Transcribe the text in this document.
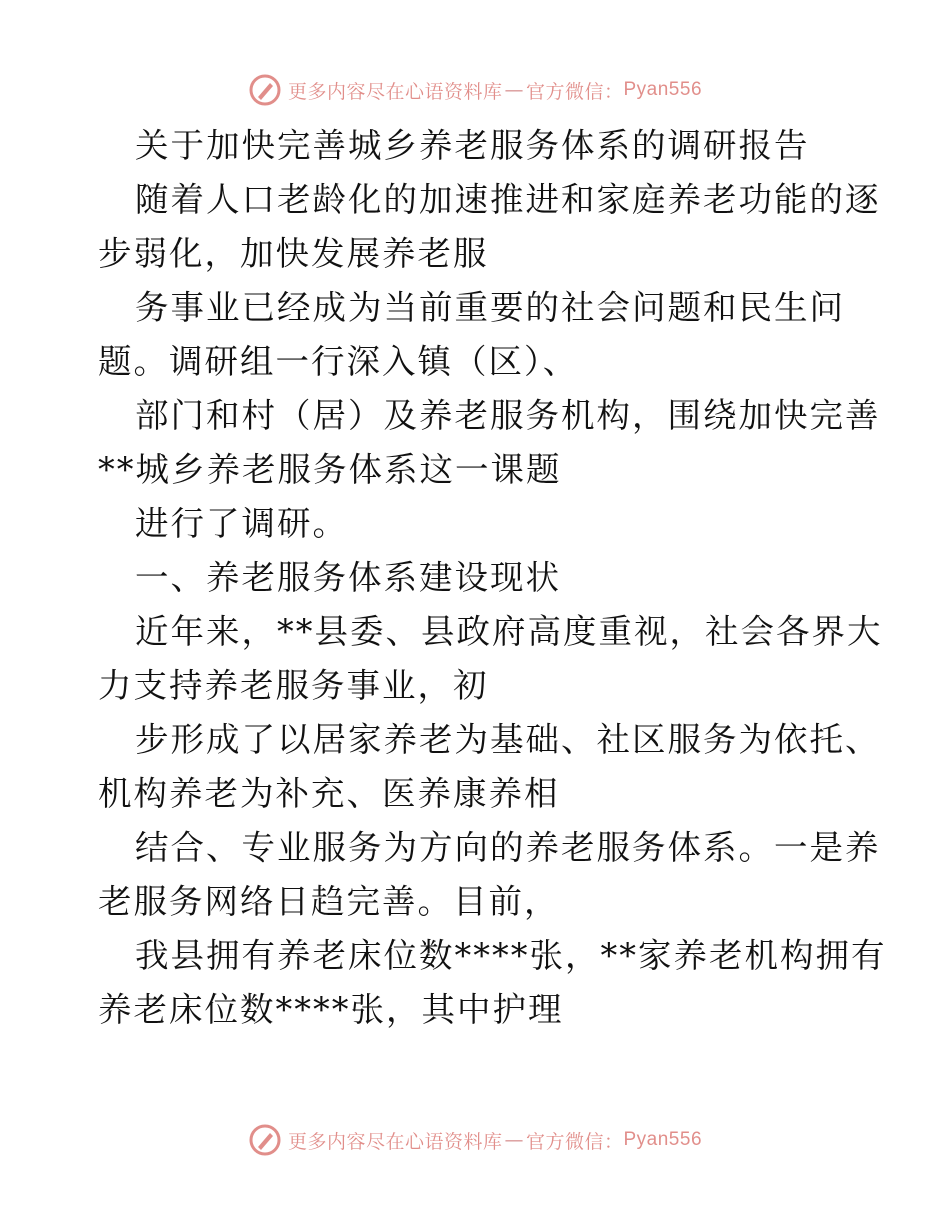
更多内容尽在心语资料库 — 官方微信： Pyan556
关于加快完善城乡养老服务体系的调研报告
随着人口老龄化的加速推进和家庭养老功能的逐
步弱化，加快发展养老服
务事业已经成为当前重要的社会问题和民生问
题。调研组一行深入镇（区）、
部门和村（居）及养老服务机构，围绕加快完善
**城乡养老服务体系这一课题
进行了调研。
一、养老服务体系建设现状
近年来，**县委、县政府高度重视，社会各界大
力支持养老服务事业，初
步形成了以居家养老为基础、社区服务为依托、
机构养老为补充、医养康养相
结合、专业服务为方向的养老服务体系。一是养
老服务网络日趋完善。目前，
我县拥有养老床位数****张，**家养老机构拥有
养老床位数****张，其中护理
更多内容尽在心语资料库 — 官方微信： Pyan556
